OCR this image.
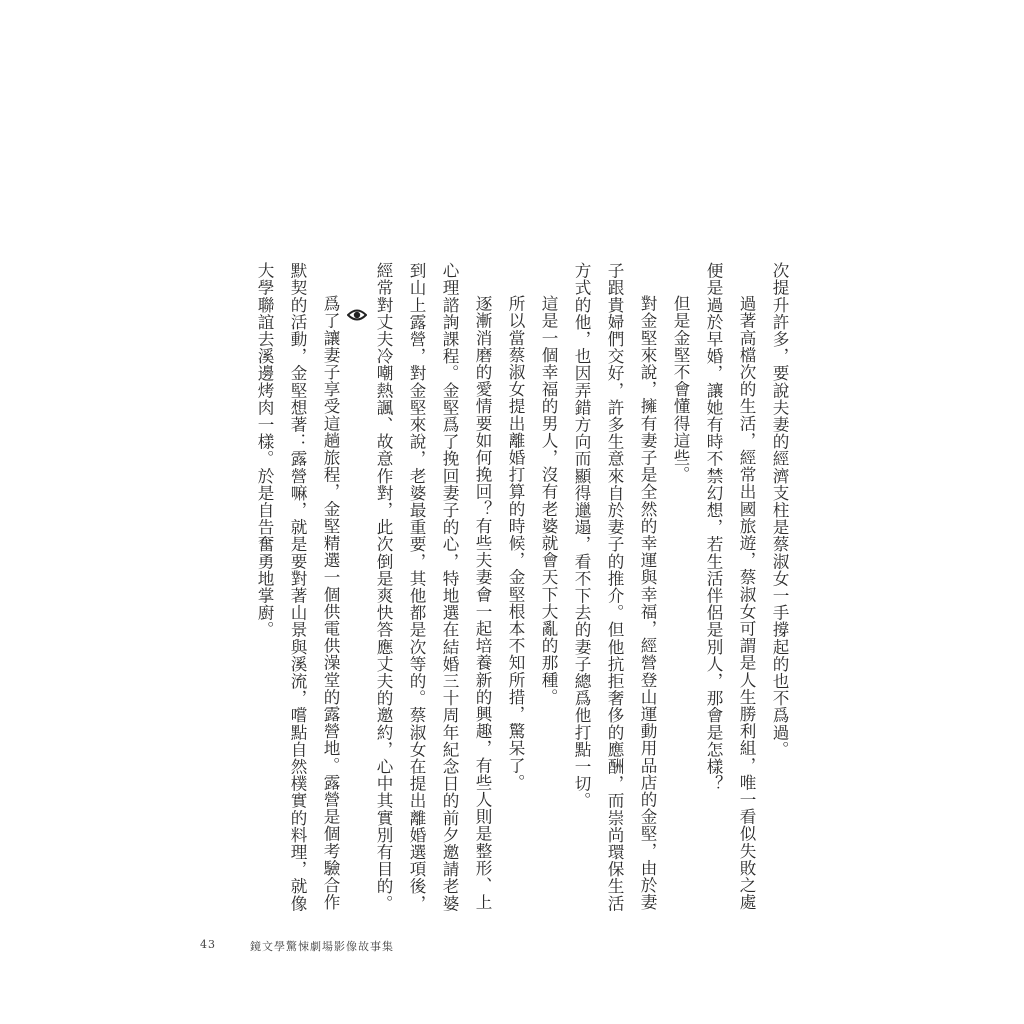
次提升許多，要說夫妻的經濟支柱是蔡淑女一手撐起的也不爲過。

過著高檔次的生活，經常出國旅遊，蔡淑女可謂是人生勝利組，唯一看似失敗之處便是過於早婚，讓她有時不禁幻想，若生活伴侶是別人，那會是怎樣？

但是金堅不會懂得這些。

對金堅來說，擁有妻子是全然的幸運與幸福，經營登山運動用品店的金堅，由於妻子跟貴婦們交好，許多生意來自於妻子的推介。但他抗拒奢侈的應酬，而崇尚環保生活方式的他，也因弄錯方向而顯得邋遢，看不下去的妻子總爲他打點一切。

這是一個幸福的男人，沒有老婆就會天下大亂的那種。

所以當蔡淑女提出離婚打算的時候，金堅根本不知所措，驚呆了。

逐漸消磨的愛情要如何挽回？有些夫妻會一起培養新的興趣，有些人則是整形、上心理諮詢課程。金堅爲了挽回妻子的心，特地選在結婚三十周年紀念日的前夕邀請老婆到山上露營，對金堅來說，老婆最重要，其他都是次等的。蔡淑女在提出離婚選項後，經常對丈夫冷嘲熱諷、故意作對，此次倒是爽快答應丈夫的邀約，心中其實別有目的。

爲了讓妻子享受這趟旅程，金堅精選一個供電供澡堂的露營地。露營是個考驗合作默契的活動，金堅想著：露營嘛，就是要對著山景與溪流，嚐點自然樸實的料理，就像大學聯誼去溪邊烤肉一樣。於是自告奮勇地掌廚。

43	鏡文學驚悚劇場影像故事集
